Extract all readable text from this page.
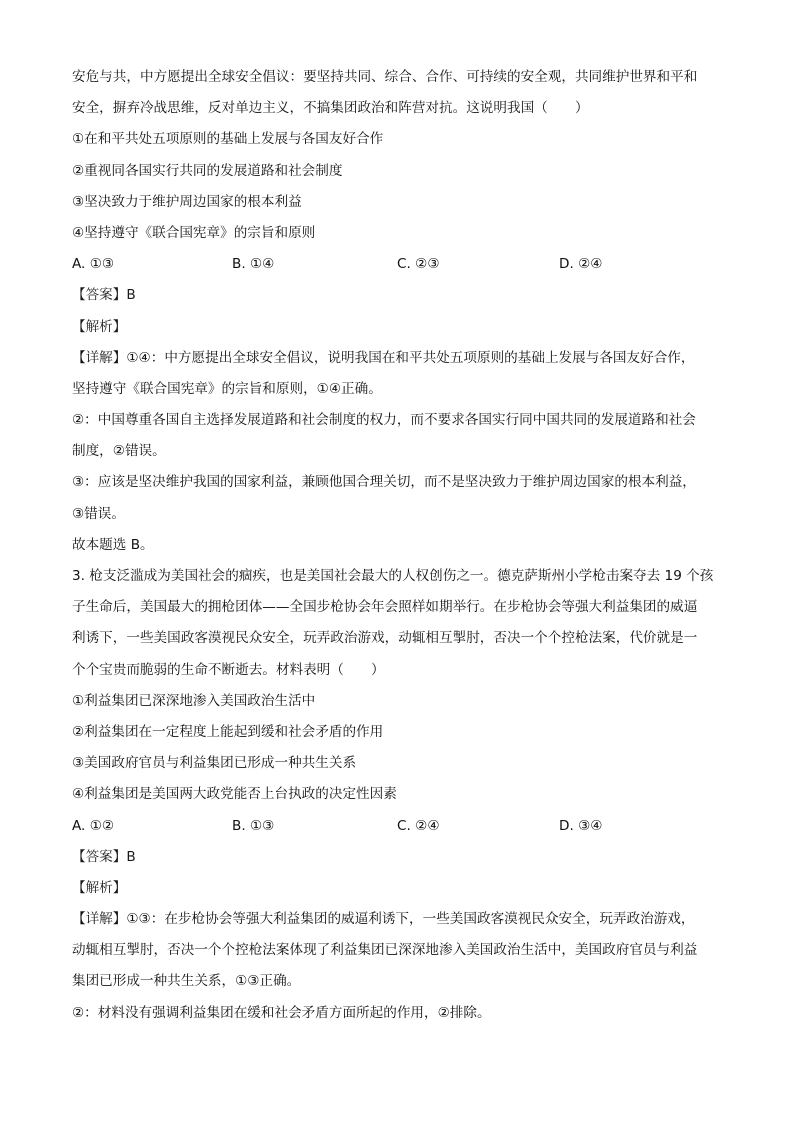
安危与共，中方愿提出全球安全倡议：要坚持共同、综合、合作、可持续的安全观，共同维护世界和平和
安全，摒弃冷战思维，反对单边主义，不搞集团政治和阵营对抗。这说明我国（　　）
①在和平共处五项原则的基础上发展与各国友好合作
②重视同各国实行共同的发展道路和社会制度
③坚决致力于维护周边国家的根本利益
④坚持遵守《联合国宪章》的宗旨和原则
A. ①③	B. ①④	C. ②③	D. ②④
【答案】B
【解析】
【详解】①④：中方愿提出全球安全倡议，说明我国在和平共处五项原则的基础上发展与各国友好合作，
坚持遵守《联合国宪章》的宗旨和原则，①④正确。
②：中国尊重各国自主选择发展道路和社会制度的权力，而不要求各国实行同中国共同的发展道路和社会
制度，②错误。
③：应该是坚决维护我国的国家利益，兼顾他国合理关切，而不是坚决致力于维护周边国家的根本利益，
③错误。
故本题选 B。
3. 枪支泛滥成为美国社会的痼疾，也是美国社会最大的人权创伤之一。德克萨斯州小学枪击案夺去 19 个孩
子生命后，美国最大的拥枪团体——全国步枪协会年会照样如期举行。在步枪协会等强大利益集团的威逼
利诱下，一些美国政客漠视民众安全，玩弄政治游戏，动辄相互掣肘，否决一个个控枪法案，代价就是一
个个宝贵而脆弱的生命不断逝去。材料表明（　　）
①利益集团已深深地渗入美国政治生活中
②利益集团在一定程度上能起到缓和社会矛盾的作用
③美国政府官员与利益集团已形成一种共生关系
④利益集团是美国两大政党能否上台执政的决定性因素
A. ①②	B. ①③	C. ②④	D. ③④
【答案】B
【解析】
【详解】①③：在步枪协会等强大利益集团的威逼利诱下，一些美国政客漠视民众安全，玩弄政治游戏，
动辄相互掣肘，否决一个个控枪法案体现了利益集团已深深地渗入美国政治生活中，美国政府官员与利益
集团已形成一种共生关系，①③正确。
②：材料没有强调利益集团在缓和社会矛盾方面所起的作用，②排除。
